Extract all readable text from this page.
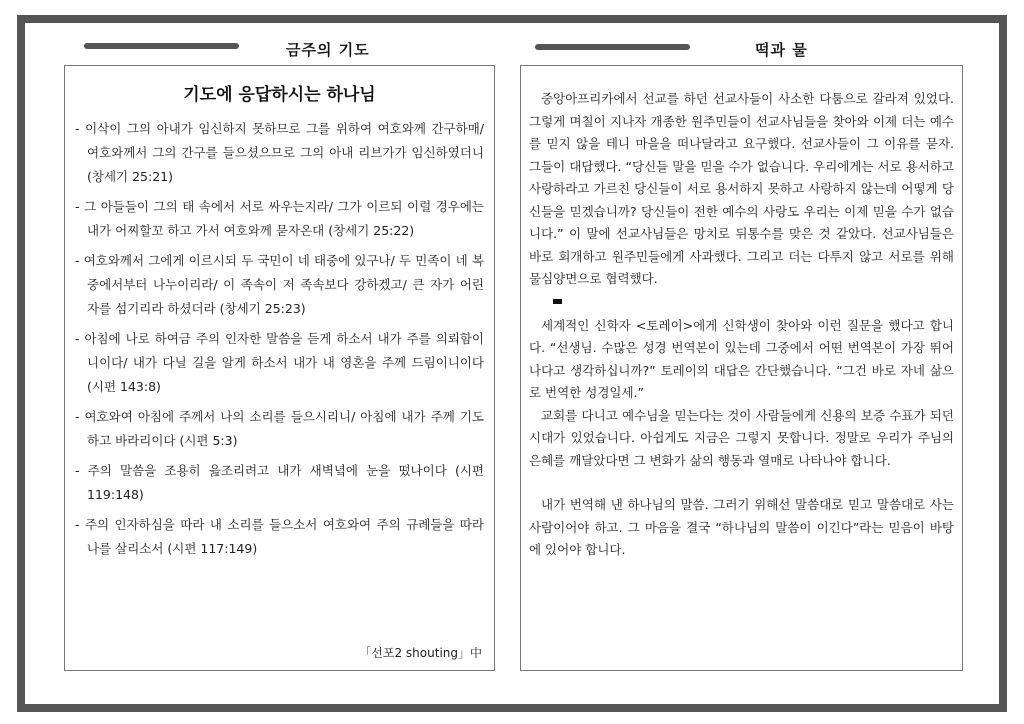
금주의 기도	떡과 물
기도에 응답하시는 하나님

- 이삭이 그의 아내가 임신하지 못하므로 그를 위하여 여호와께 간구하매/ 여호와께서 그의 간구를 들으셨으므로 그의 아내 리브가가 임신하였더니 (창세기 25:21)

- 그 아들들이 그의 태 속에서 서로 싸우는지라/ 그가 이르되 이럴 경우에는 내가 어찌할꼬 하고 가서 여호와께 묻자온대 (창세기 25:22)

- 여호와께서 그에게 이르시되 두 국민이 네 태중에 있구나/ 두 민족이 네 복중에서부터 나누이리라/ 이 족속이 저 족속보다 강하겠고/ 큰 자가 어린 자를 섬기리라 하셨더라 (창세기 25:23)

- 아침에 나로 하여금 주의 인자한 말씀을 듣게 하소서 내가 주를 의뢰함이니이다/ 내가 다닐 길을 알게 하소서 내가 내 영혼을 주께 드림이니이다 (시편 143:8)

- 여호와여 아침에 주께서 나의 소리를 들으시리니/ 아침에 내가 주께 기도하고 바라리이다 (시편 5:3)

- 주의 말씀을 조용히 읊조리려고 내가 새벽녘에 눈을 떴나이다 (시편 119:148)

- 주의 인자하심을 따라 내 소리를 들으소서 여호와여 주의 규례들을 따라 나를 살리소서 (시편 117:149)

「선포2 shouting」中

중앙아프리카에서 선교를 하던 선교사들이 사소한 다툼으로 갈라져 있었다. 그렇게 며칠이 지나자 개종한 원주민들이 선교사님들을 찾아와 이제 더는 예수를 믿지 않을 테니 마을을 떠나달라고 요구했다. 선교사들이 그 이유를 묻자. 그들이 대답했다. “당신들 말을 믿을 수가 없습니다. 우리에게는 서로 용서하고 사랑하라고 가르친 당신들이 서로 용서하지 못하고 사랑하지 않는데 어떻게 당신들을 믿겠습니까? 당신들이 전한 예수의 사랑도 우리는 이제 믿을 수가 없습니다.” 이 말에 선교사님들은 망치로 뒤통수를 맞은 것 같았다. 선교사님들은 바로 회개하고 원주민들에게 사과했다. 그리고 더는 다투지 않고 서로를 위해 물심양면으로 협력했다.

세계적인 신학자 <토레이>에게 신학생이 찾아와 이런 질문을 했다고 합니다. “선생님. 수많은 성경 번역본이 있는데 그중에서 어떤 번역본이 가장 뛰어나다고 생각하십니까?” 토레이의 대답은 간단했습니다. “그건 바로 자네 삶으로 번역한 성경일세.”

교회를 다니고 예수님을 믿는다는 것이 사람들에게 신용의 보증 수표가 되던 시대가 있었습니다. 아쉽게도 지금은 그렇지 못합니다. 정말로 우리가 주님의 은혜를 깨달았다면 그 변화가 삶의 행동과 열매로 나타나야 합니다.

내가 번역해 낸 하나님의 말씀. 그러기 위해선 말씀대로 믿고 말씀대로 사는 사람이어야 하고. 그 마음을 결국 “하나님의 말씀이 이긴다”라는 믿음이 바탕에 있어야 합니다.
